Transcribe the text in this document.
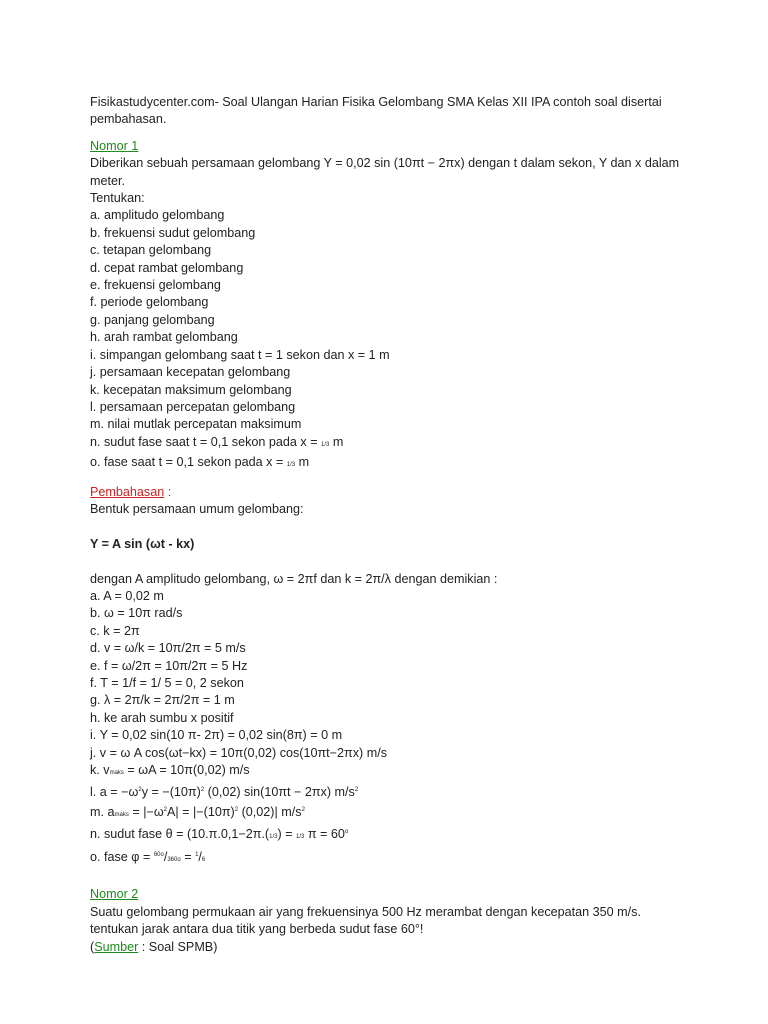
Fisikastudycenter.com- Soal Ulangan Harian Fisika Gelombang SMA Kelas XII IPA contoh soal disertai pembahasan.
Nomor 1
Diberikan sebuah persamaan gelombang Y = 0,02 sin (10πt − 2πx) dengan t dalam sekon, Y dan x dalam meter.
Tentukan:
a. amplitudo gelombang
b. frekuensi sudut gelombang
c. tetapan gelombang
d. cepat rambat gelombang
e. frekuensi gelombang
f. periode gelombang
g. panjang gelombang
h. arah rambat gelombang
i. simpangan gelombang saat t = 1 sekon dan x = 1 m
j. persamaan kecepatan gelombang
k. kecepatan maksimum gelombang
l. persamaan percepatan gelombang
m. nilai mutlak percepatan maksimum
n. sudut fase saat t = 0,1 sekon pada x = 1/3 m
o. fase saat t = 0,1 sekon pada x = 1/3 m
Pembahasan :
Bentuk persamaan umum gelombang:
Y = A sin (ωt - kx)
dengan A amplitudo gelombang, ω = 2πf dan k = 2π/λ dengan demikian :
a. A = 0,02 m
b. ω = 10π rad/s
c. k = 2π
d. v = ω/k = 10π/2π = 5 m/s
e. f = ω/2π = 10π/2π = 5 Hz
f. T = 1/f = 1/ 5 = 0, 2 sekon
g. λ = 2π/k = 2π/2π = 1 m
h. ke arah sumbu x positif
i. Y = 0,02 sin(10 π- 2π) = 0,02 sin(8π) = 0 m
j. v = ω A cos(ωt−kx) = 10π(0,02) cos(10πt−2πx) m/s
k. vmaks = ωA = 10π(0,02) m/s
l. $a = -\omega^2y = -(10\pi)^2$ (0,02) sin(10πt − 2πx) $m/s^2$
m. amaks = $|-\omega^2A| = |-(10\pi)^2$ (0,02)| $m/s^2$
n. sudut fase θ = (10.π.0,1−2π.(1/3) = 1/3 $\pi = 60^o$
o. fase φ = $^{60o}$/360o = $^1$/6
Nomor 2
Suatu gelombang permukaan air yang frekuensinya 500 Hz merambat dengan kecepatan 350 m/s. tentukan jarak antara dua titik yang berbeda sudut fase 60°!
(Sumber : Soal SPMB)
